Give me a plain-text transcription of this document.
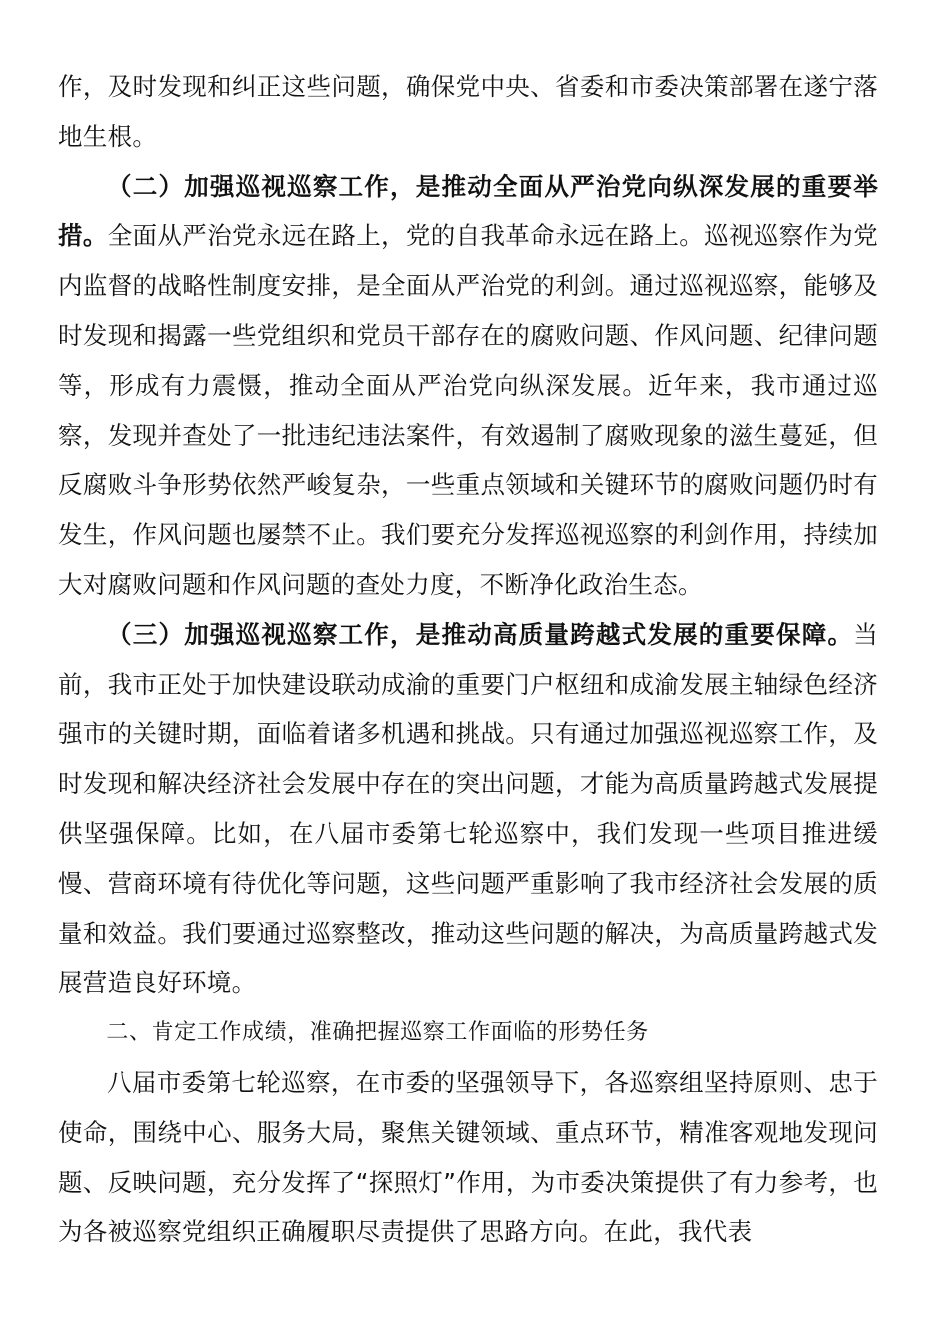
作，及时发现和纠正这些问题，确保党中央、省委和市委决策部署在遂宁落地生根。

（二）加强巡视巡察工作，是推动全面从严治党向纵深发展的重要举措。全面从严治党永远在路上，党的自我革命永远在路上。巡视巡察作为党内监督的战略性制度安排，是全面从严治党的利剑。通过巡视巡察，能够及时发现和揭露一些党组织和党员干部存在的腐败问题、作风问题、纪律问题等，形成有力震慑，推动全面从严治党向纵深发展。近年来，我市通过巡察，发现并查处了一批违纪违法案件，有效遏制了腐败现象的滋生蔓延，但反腐败斗争形势依然严峻复杂，一些重点领域和关键环节的腐败问题仍时有发生，作风问题也屡禁不止。我们要充分发挥巡视巡察的利剑作用，持续加大对腐败问题和作风问题的查处力度，不断净化政治生态。

（三）加强巡视巡察工作，是推动高质量跨越式发展的重要保障。当前，我市正处于加快建设联动成渝的重要门户枢纽和成渝发展主轴绿色经济强市的关键时期，面临着诸多机遇和挑战。只有通过加强巡视巡察工作，及时发现和解决经济社会发展中存在的突出问题，才能为高质量跨越式发展提供坚强保障。比如，在八届市委第七轮巡察中，我们发现一些项目推进缓慢、营商环境有待优化等问题，这些问题严重影响了我市经济社会发展的质量和效益。我们要通过巡察整改，推动这些问题的解决，为高质量跨越式发展营造良好环境。

二、肯定工作成绩，准确把握巡察工作面临的形势任务

八届市委第七轮巡察，在市委的坚强领导下，各巡察组坚持原则、忠于使命，围绕中心、服务大局，聚焦关键领域、重点环节，精准客观地发现问题、反映问题，充分发挥了“探照灯”作用，为市委决策提供了有力参考，也为各被巡察党组织正确履职尽责提供了思路方向。在此，我代表
